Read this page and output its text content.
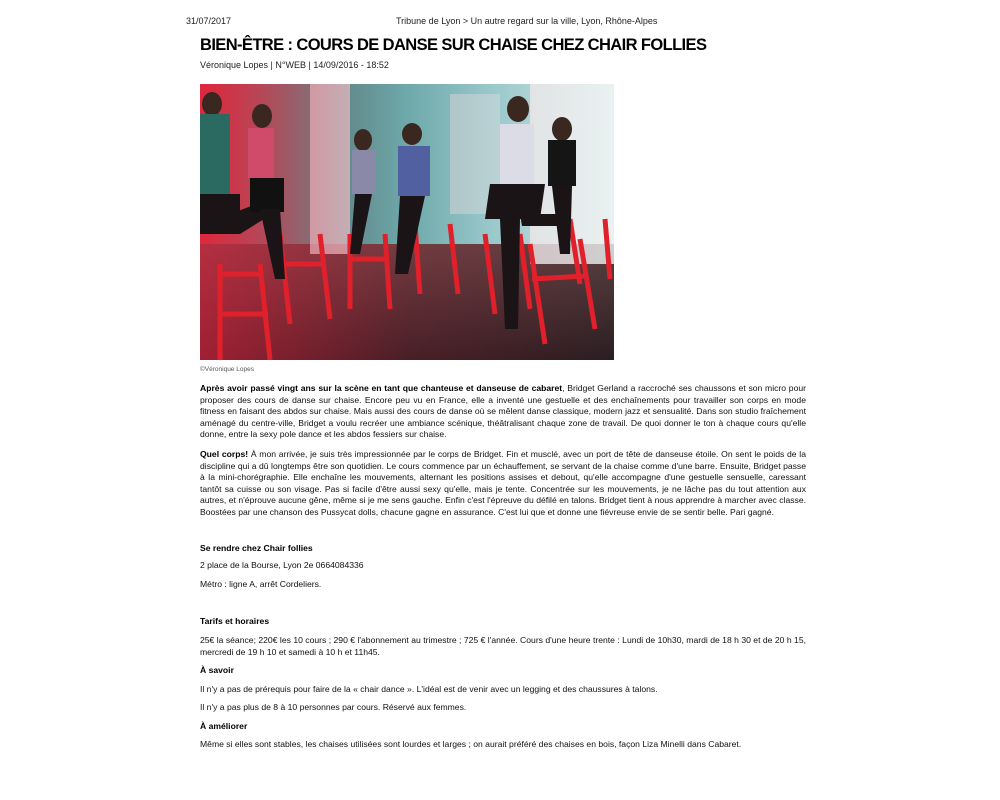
31/07/2017	Tribune de Lyon > Un autre regard sur la ville, Lyon, Rhône-Alpes
BIEN-ÊTRE : COURS DE DANSE SUR CHAISE CHEZ CHAIR FOLLIES
Véronique Lopes | N°WEB | 14/09/2016 - 18:52
©Véronique Lopes

Après avoir passé vingt ans sur la scène en tant que chanteuse et danseuse de cabaret, Bridget Gerland a raccroché ses chaussons et son micro pour proposer des cours de danse sur chaise. Encore peu vu en France, elle a inventé une gestuelle et des enchaînements pour travailler son corps en mode fitness en faisant des abdos sur chaise. Mais aussi des cours de danse où se mêlent danse classique, modern jazz et sensualité. Dans son studio fraîchement aménagé du centre-ville, Bridget a voulu recréer une ambiance scénique, théâtralisant chaque zone de travail. De quoi donner le ton à chaque cours qu'elle donne, entre la sexy pole dance et les abdos fessiers sur chaise.

Quel corps! À mon arrivée, je suis très impressionnée par le corps de Bridget. Fin et musclé, avec un port de tête de danseuse étoile. On sent le poids de la discipline qui a dû longtemps être son quotidien. Le cours commence par un échauffement, se servant de la chaise comme d'une barre. Ensuite, Bridget passe à la mini-chorégraphie. Elle enchaîne les mouvements, alternant les positions assises et debout, qu'elle accompagne d'une gestuelle sensuelle, caressant tantôt sa cuisse ou son visage. Pas si facile d'être aussi sexy qu'elle, mais je tente. Concentrée sur les mouvements, je ne lâche pas du tout attention aux autres, et n'éprouve aucune gêne, même si je me sens gauche. Enfin c'est l'épreuve du défilé en talons. Bridget tient à nous apprendre à marcher avec classe. Boostées par une chanson des Pussycat dolls, chacune gagne en assurance. C'est lui que et donne une fiévreuse envie de se sentir belle. Pari gagné.

Se rendre chez Chair follies

2 place de la Bourse, Lyon 2e 0664084336

Métro : ligne A, arrêt Cordeliers.

Tarifs et horaires

25€ la séance; 220€ les 10 cours ; 290 € l'abonnement au trimestre ; 725 € l'année. Cours d'une heure trente : Lundi de 10h30, mardi de 18 h 30 et de 20 h 15, mercredi de 19 h 10 et samedi à 10 h et 11h45.

À savoir

Il n'y a pas de prérequis pour faire de la « chair dance ». L'idéal est de venir avec un legging et des chaussures à talons.

Il n'y a pas plus de 8 à 10 personnes par cours. Réservé aux femmes.

À améliorer

Même si elles sont stables, les chaises utilisées sont lourdes et larges ; on aurait préféré des chaises en bois, façon Liza Minelli dans Cabaret.
